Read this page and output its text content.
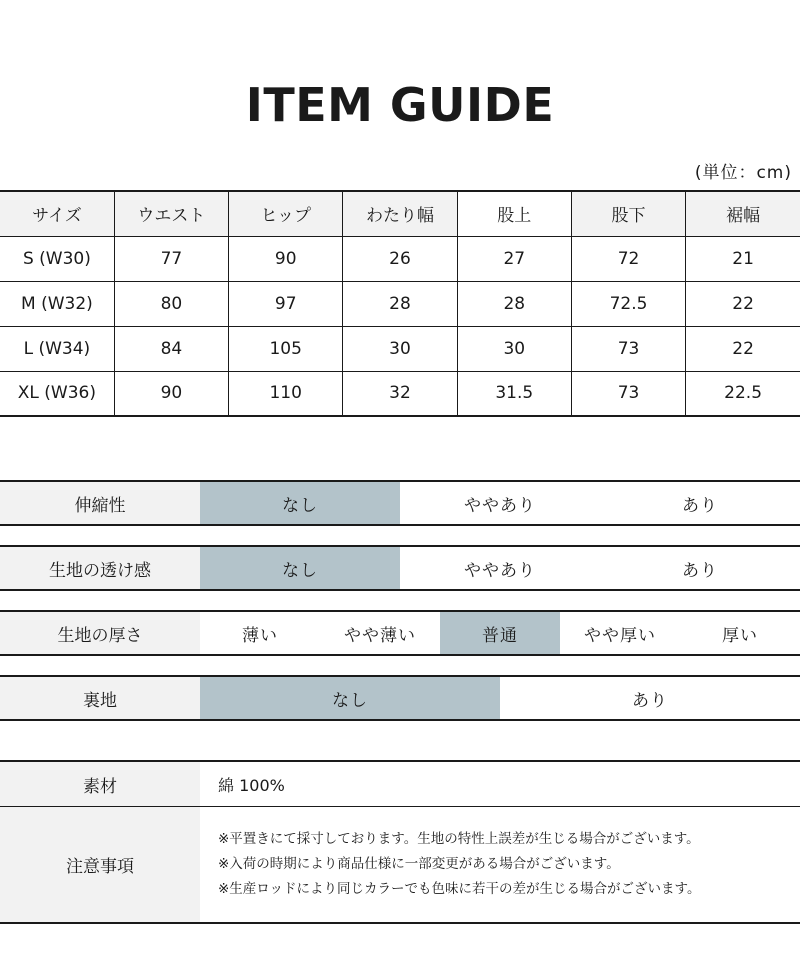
ITEM GUIDE
(単位：cm)
サイズ	ウエスト	ヒップ	わたり幅	股上	股下	裾幅
S (W30)	77	90	26	27	72	21
M (W32)	80	97	28	28	72.5	22
L (W34)	84	105	30	30	73	22
XL (W36)	90	110	32	31.5	73	22.5
伸縮性	なし	ややあり	あり
生地の透け感	なし	ややあり	あり
生地の厚さ	薄い	やや薄い	普通	やや厚い	厚い
裏地	なし	あり
素材	綿 100%
注意事項
※平置きにて採寸しております。生地の特性上誤差が生じる場合がございます。
※入荷の時期により商品仕様に一部変更がある場合がございます。
※生産ロッドにより同じカラーでも色味に若干の差が生じる場合がございます。
